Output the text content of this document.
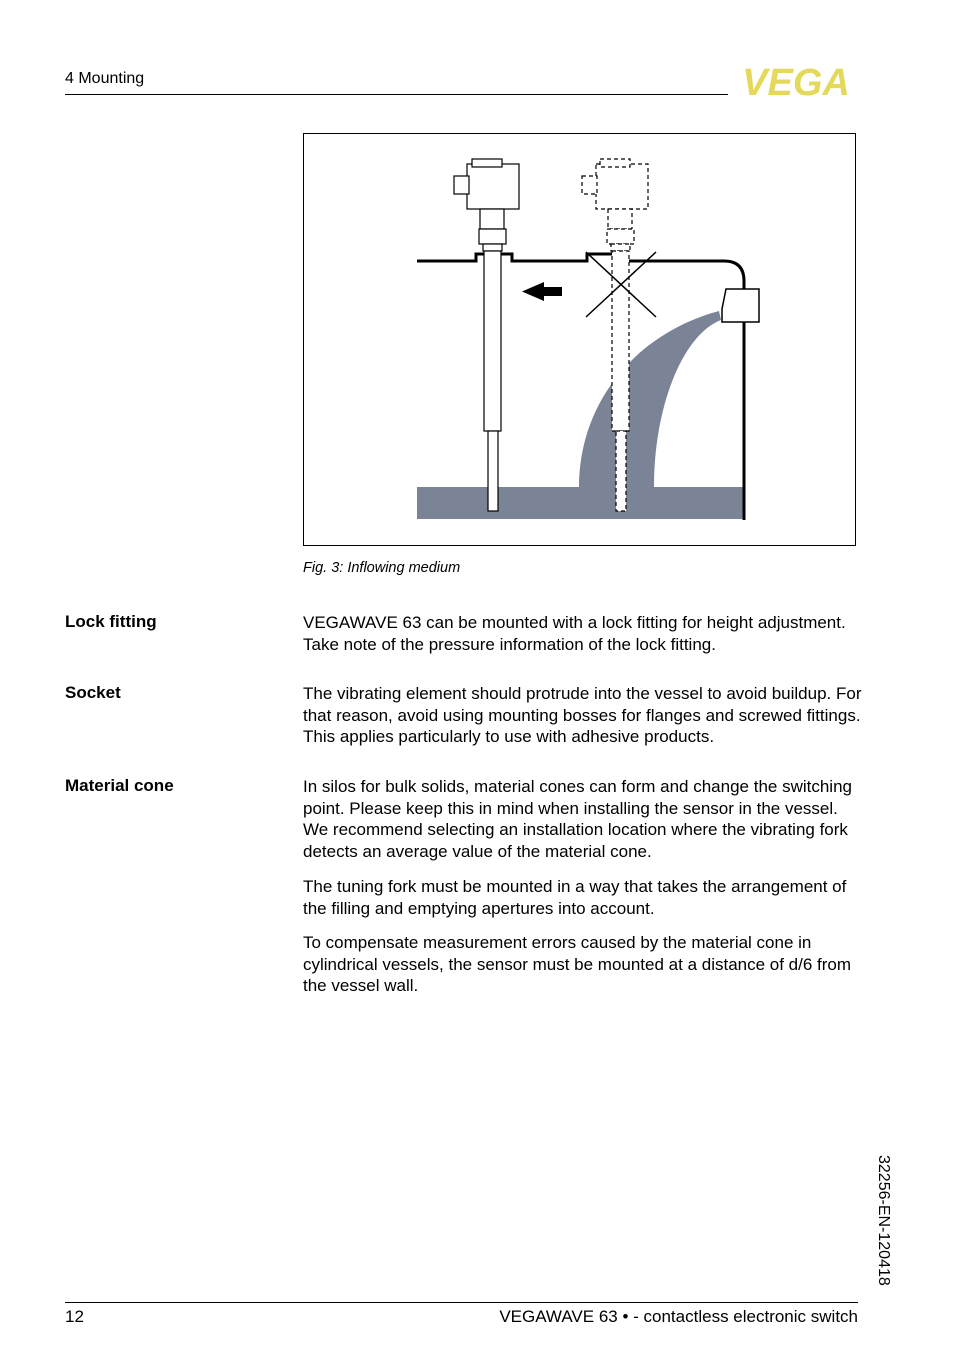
4 Mounting	VEGA
Fig. 3: Inflowing medium
Lock fitting	VEGAWAVE 63 can be mounted with a lock fitting for height adjustment. Take note of the pressure information of the lock fitting.

Socket	The vibrating element should protrude into the vessel to avoid buildup. For that reason, avoid using mounting bosses for flanges and screwed fittings. This applies particularly to use with adhesive products.

Material cone	In silos for bulk solids, material cones can form and change the switching point. Please keep this in mind when installing the sensor in the vessel. We recommend selecting an installation location where the vibrating fork detects an average value of the material cone.

The tuning fork must be mounted in a way that takes the arrangement of the filling and emptying apertures into account.

To compensate measurement errors caused by the material cone in cylindrical vessels, the sensor must be mounted at a distance of d/6 from the vessel wall.

32256-EN-120418
12	VEGAWAVE 63 • - contactless electronic switch
